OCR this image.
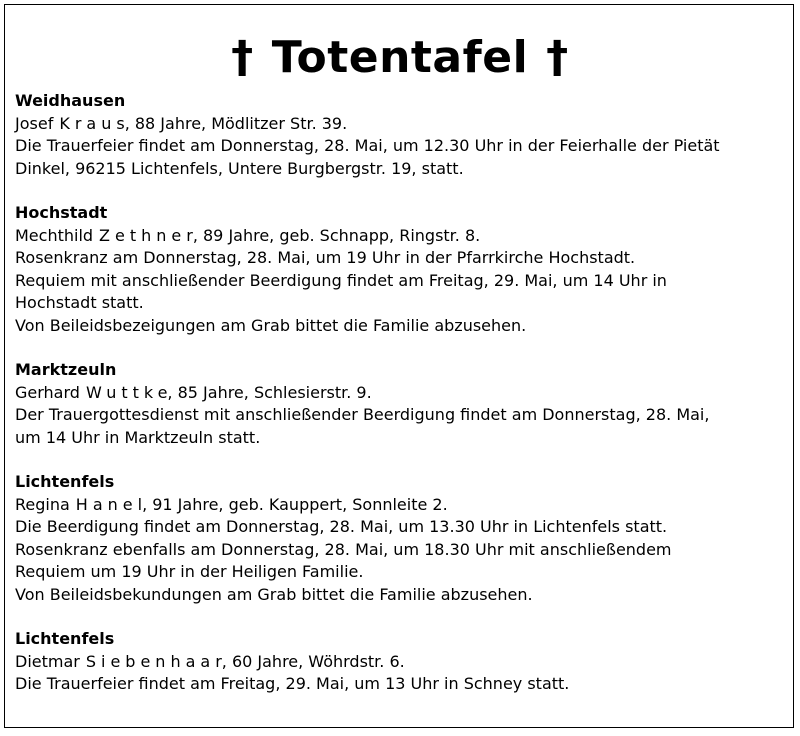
† Totentafel †
Weidhausen
Josef Kraus, 88 Jahre, Mödlitzer Str. 39.
Die Trauerfeier findet am Donnerstag, 28. Mai, um 12.30 Uhr in der Feierhalle der Pietät
Dinkel, 96215 Lichtenfels, Untere Burgbergstr. 19, statt.
Hochstadt
Mechthild Zethner, 89 Jahre, geb. Schnapp, Ringstr. 8.
Rosenkranz am Donnerstag, 28. Mai, um 19 Uhr in der Pfarrkirche Hochstadt.
Requiem mit anschließender Beerdigung findet am Freitag, 29. Mai, um 14 Uhr in
Hochstadt statt.
Von Beileidsbezeigungen am Grab bittet die Familie abzusehen.
Marktzeuln
Gerhard Wuttke, 85 Jahre, Schlesierstr. 9.
Der Trauergottesdienst mit anschließender Beerdigung findet am Donnerstag, 28. Mai,
um 14 Uhr in Marktzeuln statt.
Lichtenfels
Regina Hanel, 91 Jahre, geb. Kauppert, Sonnleite 2.
Die Beerdigung findet am Donnerstag, 28. Mai, um 13.30 Uhr in Lichtenfels statt.
Rosenkranz ebenfalls am Donnerstag, 28. Mai, um 18.30 Uhr mit anschließendem
Requiem um 19 Uhr in der Heiligen Familie.
Von Beileidsbekundungen am Grab bittet die Familie abzusehen.
Lichtenfels
Dietmar Siebenhaar, 60 Jahre, Wöhrdstr. 6.
Die Trauerfeier findet am Freitag, 29. Mai, um 13 Uhr in Schney statt.
